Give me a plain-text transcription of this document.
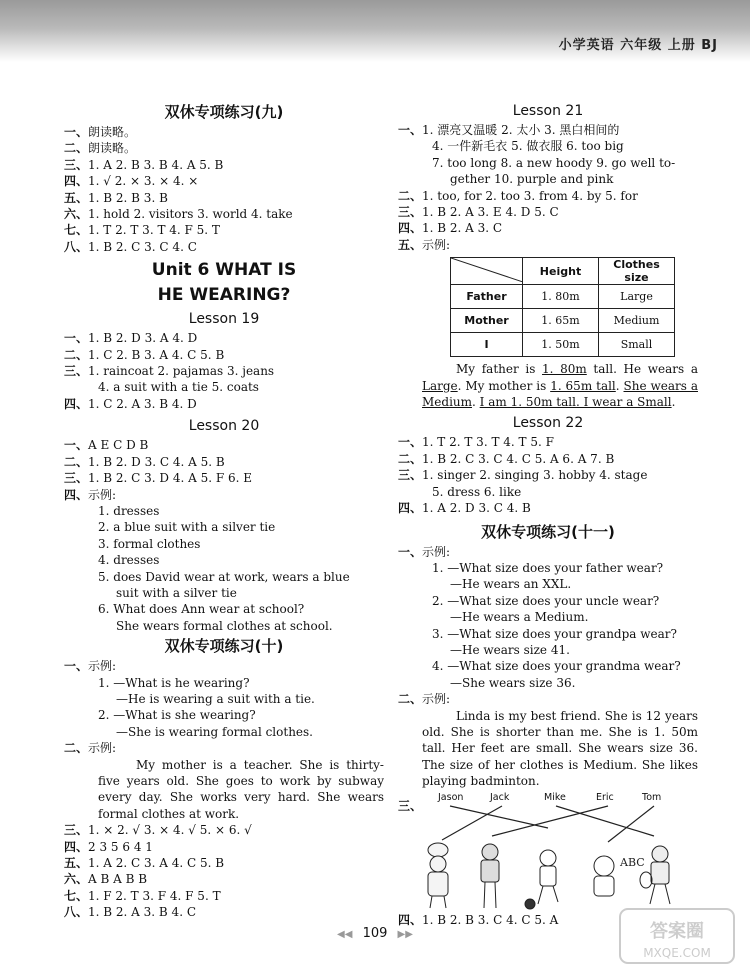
小学英语 六年级 上册 BJ
双休专项练习(九)
一、朗读略。
二、朗读略。
三、1. A 2. B 3. B 4. A 5. B
四、1. √ 2. × 3. × 4. ×
五、1. B 2. B 3. B
六、1. hold 2. visitors 3. world 4. take
七、1. T 2. T 3. T 4. F 5. T
八、1. B 2. C 3. C 4. C
Unit 6 WHAT IS
HE WEARING?
Lesson 19
一、1. B 2. D 3. A 4. D
二、1. C 2. B 3. A 4. C 5. B
三、1. raincoat 2. pajamas 3. jeans
4. a suit with a tie 5. coats
四、1. C 2. A 3. B 4. D
Lesson 20
一、A E C D B
二、1. B 2. D 3. C 4. A 5. B
三、1. B 2. C 3. D 4. A 5. F 6. E
四、示例:
1. dresses
2. a blue suit with a silver tie
3. formal clothes
4. dresses
5. does David wear at work, wears a blue
suit with a silver tie
6. What does Ann wear at school?
She wears formal clothes at school.
双休专项练习(十)
一、示例:
1. —What is he wearing?
—He is wearing a suit with a tie.
2. —What is she wearing?
—She is wearing formal clothes.
二、示例:
My mother is a teacher. She is thirty-five years old. She goes to work by subway every day. She works very hard. She wears formal clothes at work.
三、1. × 2. √ 3. × 4. √ 5. × 6. √
四、2 3 5 6 4 1
五、1. A 2. C 3. A 4. C 5. B
六、A B A B B
七、1. F 2. T 3. F 4. F 5. T
八、1. B 2. A 3. B 4. C
Lesson 21
一、1. 漂亮又温暖 2. 太小 3. 黑白相间的
4. 一件新毛衣 5. 做衣服 6. too big
7. too long 8. a new hoody 9. go well to-
gether 10. purple and pink
二、1. too, for 2. too 3. from 4. by 5. for
三、1. B 2. A 3. E 4. D 5. C
四、1. B 2. A 3. C
五、示例:
	Height	Clothes size
Father	1. 80m	Large
Mother	1. 65m	Medium
I	1. 50m	Small
My father is 1. 80m tall. He wears a Large. My mother is 1. 65m tall. She wears a Medium. I am 1. 50m tall. I wear a Small.
Lesson 22
一、1. T 2. T 3. T 4. T 5. F
二、1. B 2. C 3. C 4. C 5. A 6. A 7. B
三、1. singer 2. singing 3. hobby 4. stage
5. dress 6. like
四、1. A 2. D 3. C 4. B
双休专项练习(十一)
一、示例:
1. —What size does your father wear?
—He wears an XXL.
2. —What size does your uncle wear?
—He wears a Medium.
3. —What size does your grandpa wear?
—He wears size 41.
4. —What size does your grandma wear?
—She wears size 36.
二、示例:
Linda is my best friend. She is 12 years old. She is shorter than me. She is 1. 50m tall. Her feet are small. She wears size 36. The size of her clothes is Medium. She likes playing badminton.
三、
Jason	Jack	Mike	Eric	Tom
ABC
四、1. B 2. B 3. C 4. C 5. A
◀◀ 109 ▶▶	答案圈
MXQE.COM
